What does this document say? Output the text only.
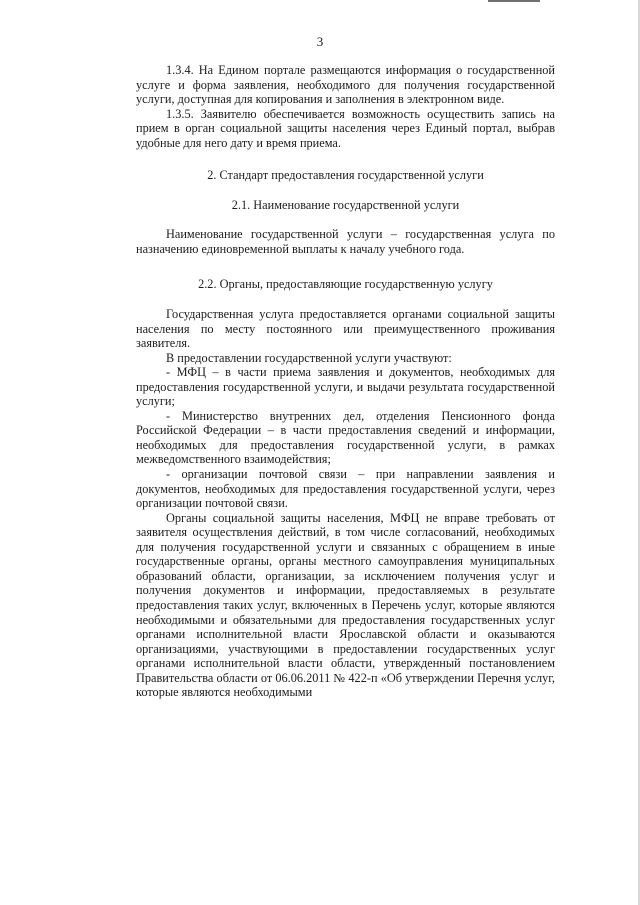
3

1.3.4. На Едином портале размещаются информация о государственной услуге и форма заявления, необходимого для получения государственной услуги, доступная для копирования и заполнения в электронном виде.

1.3.5. Заявителю обеспечивается возможность осуществить запись на прием в орган социальной защиты населения через Единый портал, выбрав удобные для него дату и время приема.

2. Стандарт предоставления государственной услуги

2.1. Наименование государственной услуги

Наименование государственной услуги – государственная услуга по назначению единовременной выплаты к началу учебного года.

2.2. Органы, предоставляющие государственную услугу

Государственная услуга предоставляется органами социальной защиты населения по месту постоянного или преимущественного проживания заявителя.

В предоставлении государственной услуги участвуют:

- МФЦ – в части приема заявления и документов, необходимых для предоставления государственной услуги, и выдачи результата государственной услуги;

- Министерство внутренних дел, отделения Пенсионного фонда Российской Федерации – в части предоставления сведений и информации, необходимых для предоставления государственной услуги, в рамках межведомственного взаимодействия;

- организации почтовой связи – при направлении заявления и документов, необходимых для предоставления государственной услуги, через организации почтовой связи.

Органы социальной защиты населения, МФЦ не вправе требовать от заявителя осуществления действий, в том числе согласований, необходимых для получения государственной услуги и связанных с обращением в иные государственные органы, органы местного самоуправления муниципальных образований области, организации, за исключением получения услуг и получения документов и информации, предоставляемых в результате предоставления таких услуг, включенных в Перечень услуг, которые являются необходимыми и обязательными для предоставления государственных услуг органами исполнительной власти Ярославской области и оказываются организациями, участвующими в предоставлении государственных услуг органами исполнительной власти области, утвержденный постановлением Правительства области от 06.06.2011 № 422-п «Об утверждении Перечня услуг, которые являются необходимыми
